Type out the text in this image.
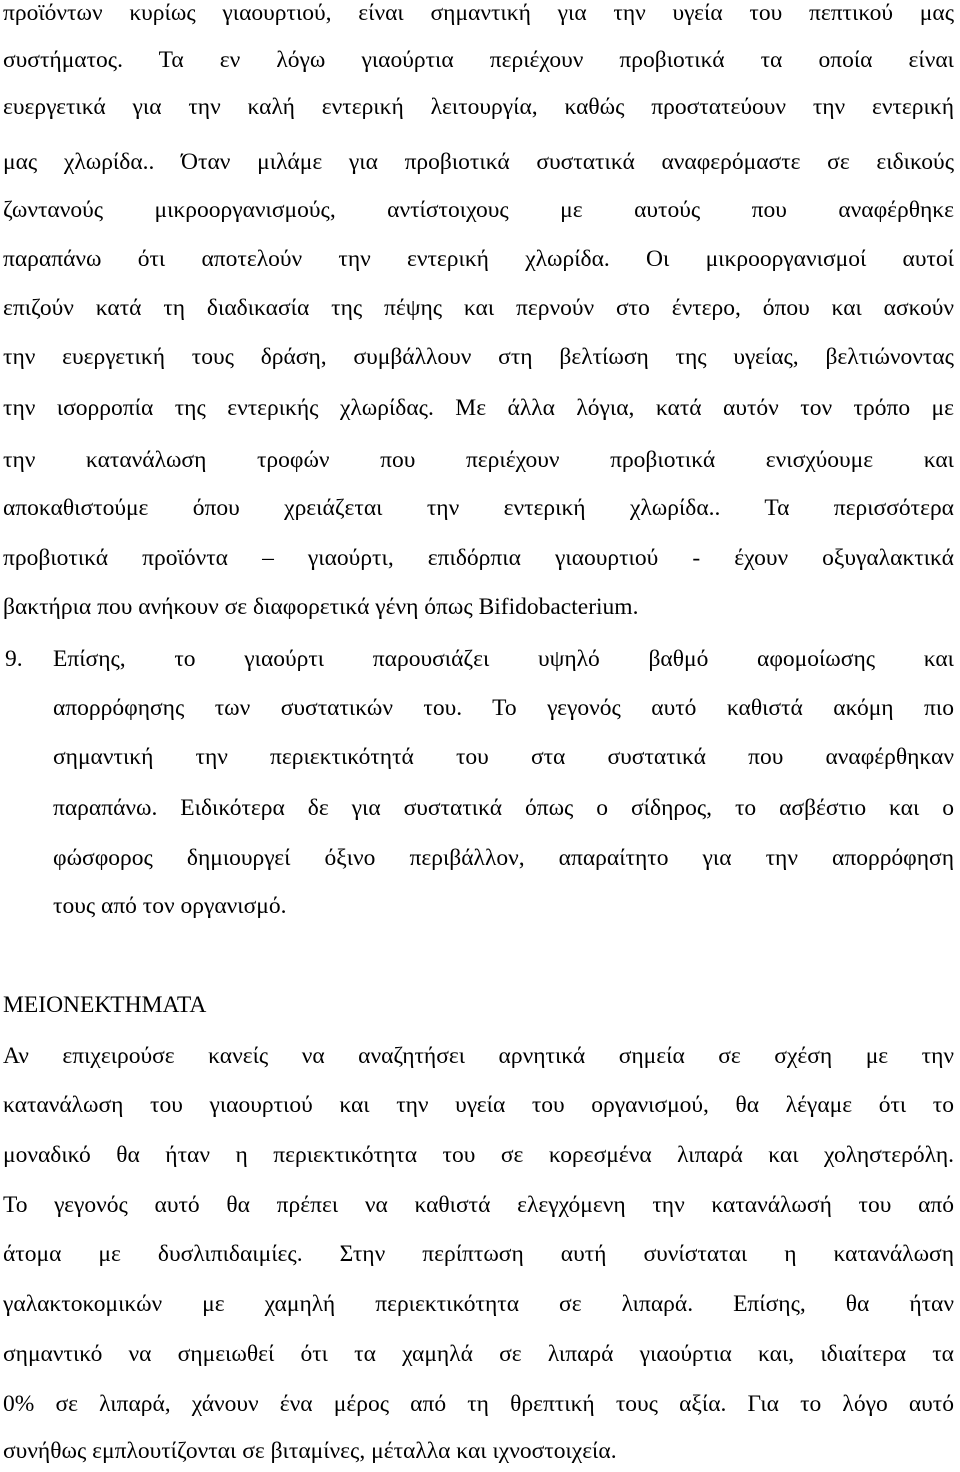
προϊόντων κυρίως γιαουρτιού, είναι σημαντική για την υγεία του πεπτικού μας
συστήματος. Τα εν λόγω γιαούρτια περιέχουν προβιοτικά τα οποία είναι
ευεργετικά για την καλή εντερική λειτουργία, καθώς προστατεύουν την εντερική
μας χλωρίδα.. Όταν μιλάμε για προβιοτικά συστατικά αναφερόμαστε σε ειδικούς
ζωντανούς μικροοργανισμούς, αντίστοιχους με αυτούς που αναφέρθηκε
παραπάνω ότι αποτελούν την εντερική χλωρίδα. Οι μικροοργανισμοί αυτοί
επιζούν κατά τη διαδικασία της πέψης και περνούν στο έντερο, όπου και ασκούν
την ευεργετική τους δράση, συμβάλλουν στη βελτίωση της υγείας, βελτιώνοντας
την ισορροπία της εντερικής χλωρίδας. Με άλλα λόγια, κατά αυτόν τον τρόπο με
την κατανάλωση τροφών που περιέχουν προβιοτικά ενισχύουμε και
αποκαθιστούμε όπου χρειάζεται την εντερική χλωρίδα.. Τα περισσότερα
προβιοτικά προϊόντα – γιαούρτι, επιδόρπια γιαουρτιού - έχουν οξυγαλακτικά
βακτήρια που ανήκουν σε διαφορετικά γένη όπως Bifidobacterium.
9. Επίσης, το γιαούρτι παρουσιάζει υψηλό βαθμό αφομοίωσης και
απορρόφησης των συστατικών του. Το γεγονός αυτό καθιστά ακόμη πιο
σημαντική την περιεκτικότητά του στα συστατικά που αναφέρθηκαν
παραπάνω. Ειδικότερα δε για συστατικά όπως ο σίδηρος, το ασβέστιο και ο
φώσφορος δημιουργεί όξινο περιβάλλον, απαραίτητο για την απορρόφηση
τους από τον οργανισμό.
ΜΕΙΟΝΕΚΤΗΜΑΤΑ
Αν επιχειρούσε κανείς να αναζητήσει αρνητικά σημεία σε σχέση με την
κατανάλωση του γιαουρτιού και την υγεία του οργανισμού, θα λέγαμε ότι το
μοναδικό θα ήταν η περιεκτικότητα του σε κορεσμένα λιπαρά και χοληστερόλη.
Το γεγονός αυτό θα πρέπει να καθιστά ελεγχόμενη την κατανάλωσή του από
άτομα με δυσλιπιδαιμίες. Στην περίπτωση αυτή συνίσταται η κατανάλωση
γαλακτοκομικών με χαμηλή περιεκτικότητα σε λιπαρά. Επίσης, θα ήταν
σημαντικό να σημειωθεί ότι τα χαμηλά σε λιπαρά γιαούρτια και, ιδιαίτερα τα
0% σε λιπαρά, χάνουν ένα μέρος από τη θρεπτική τους αξία. Για το λόγο αυτό
συνήθως εμπλουτίζονται σε βιταμίνες, μέταλλα και ιχνοστοιχεία.
